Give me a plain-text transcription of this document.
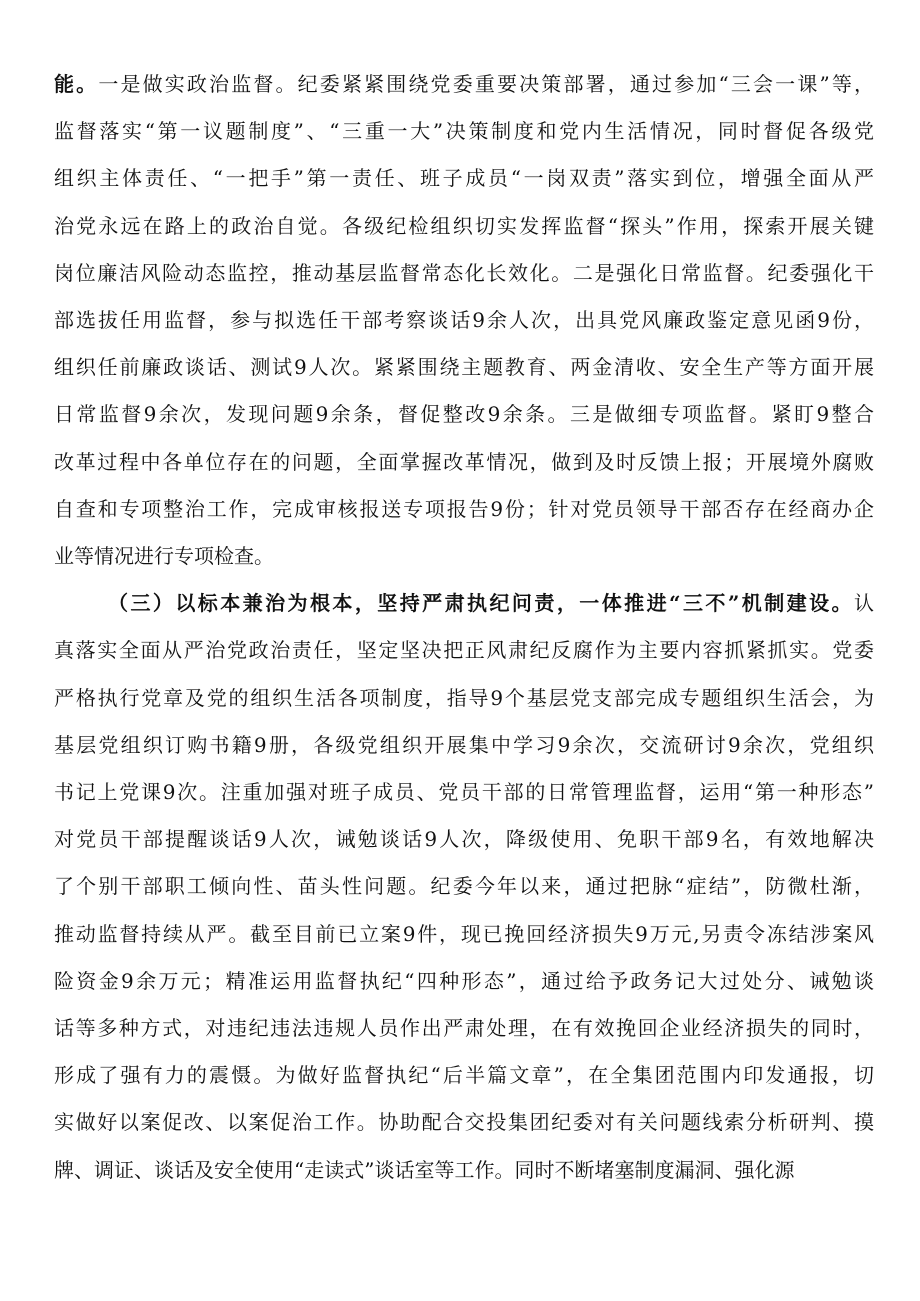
能。一是做实政治监督。纪委紧紧围绕党委重要决策部署，通过参加“三会一课”等，
监督落实“第一议题制度”、“三重一大”决策制度和党内生活情况，同时督促各级党
组织主体责任、“一把手”第一责任、班子成员“一岗双责”落实到位，增强全面从严
治党永远在路上的政治自觉。各级纪检组织切实发挥监督“探头”作用，探索开展关键
岗位廉洁风险动态监控，推动基层监督常态化长效化。二是强化日常监督。纪委强化干
部选拔任用监督，参与拟选任干部考察谈话9余人次，出具党风廉政鉴定意见函9份，
组织任前廉政谈话、测试9人次。紧紧围绕主题教育、两金清收、安全生产等方面开展
日常监督9余次，发现问题9余条，督促整改9余条。三是做细专项监督。紧盯9整合
改革过程中各单位存在的问题，全面掌握改革情况，做到及时反馈上报；开展境外腐败
自查和专项整治工作，完成审核报送专项报告9份；针对党员领导干部否存在经商办企
业等情况进行专项检查。
（三）以标本兼治为根本，坚持严肃执纪问责，一体推进“三不”机制建设。认
真落实全面从严治党政治责任，坚定坚决把正风肃纪反腐作为主要内容抓紧抓实。党委
严格执行党章及党的组织生活各项制度，指导9个基层党支部完成专题组织生活会，为
基层党组织订购书籍9册，各级党组织开展集中学习9余次，交流研讨9余次，党组织
书记上党课9次。注重加强对班子成员、党员干部的日常管理监督，运用“第一种形态”
对党员干部提醒谈话9人次，诫勉谈话9人次，降级使用、免职干部9名，有效地解决
了个别干部职工倾向性、苗头性问题。纪委今年以来，通过把脉“症结”，防微杜渐，
推动监督持续从严。截至目前已立案9件，现已挽回经济损失9万元,另责令冻结涉案风
险资金9余万元；精准运用监督执纪“四种形态”，通过给予政务记大过处分、诫勉谈
话等多种方式，对违纪违法违规人员作出严肃处理，在有效挽回企业经济损失的同时，
形成了强有力的震慑。为做好监督执纪“后半篇文章”，在全集团范围内印发通报，切
实做好以案促改、以案促治工作。协助配合交投集团纪委对有关问题线索分析研判、摸
牌、调证、谈话及安全使用“走读式”谈话室等工作。同时不断堵塞制度漏洞、强化源
